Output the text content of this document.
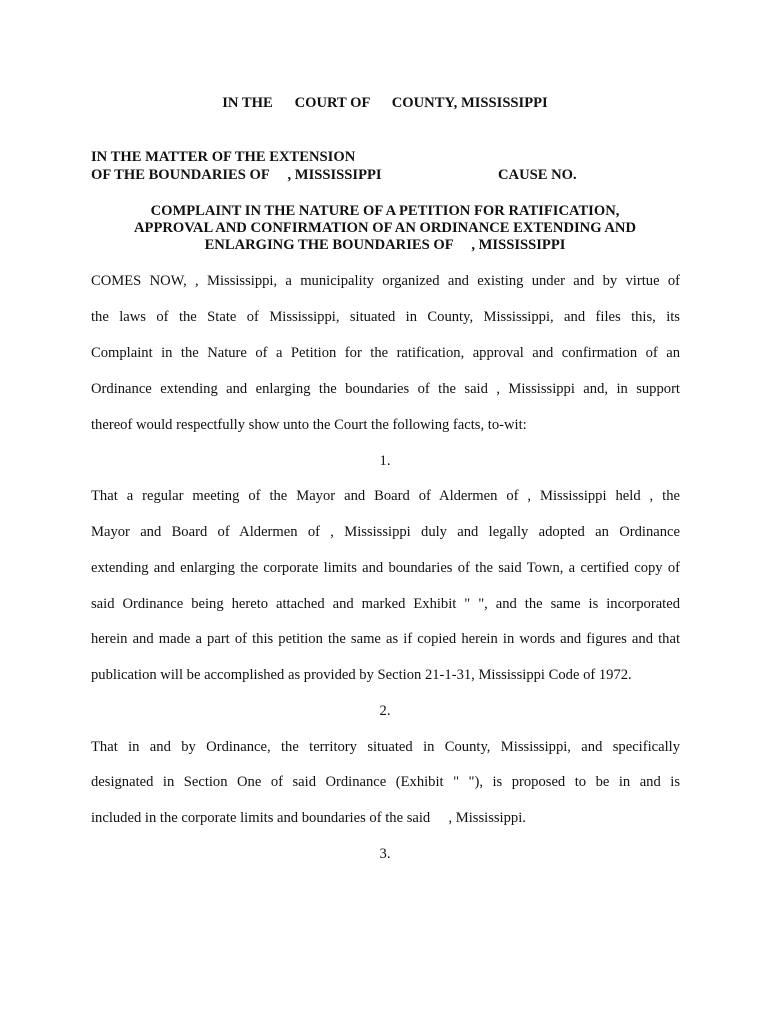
IN THE      COURT OF      COUNTY, MISSISSIPPI
IN THE MATTER OF THE EXTENSION
OF THE BOUNDARIES OF     , MISSISSIPPI	CAUSE NO.
COMPLAINT IN THE NATURE OF A PETITION FOR RATIFICATION,
APPROVAL AND CONFIRMATION OF AN ORDINANCE EXTENDING AND
ENLARGING THE BOUNDARIES OF     , MISSISSIPPI
COMES NOW, , Mississippi, a municipality organized and existing under and by virtue of
the laws of the State of Mississippi, situated in County, Mississippi, and files this, its
Complaint in the Nature of a Petition for the ratification, approval and confirmation of an
Ordinance extending and enlarging the boundaries of the said , Mississippi and, in support
thereof would respectfully show unto the Court the following facts, to-wit:
1.
That a regular meeting of the Mayor and Board of Aldermen of , Mississippi held , the
Mayor and Board of Aldermen of , Mississippi duly and legally adopted an Ordinance
extending and enlarging the corporate limits and boundaries of the said Town, a certified copy of
said Ordinance being hereto attached and marked Exhibit " ", and the same is incorporated
herein and made a part of this petition the same as if copied herein in words and figures and that
publication will be accomplished as provided by Section 21-1-31, Mississippi Code of 1972.
2.
That in and by Ordinance, the territory situated in County, Mississippi, and specifically
designated in Section One of said Ordinance (Exhibit " "), is proposed to be in and is
included in the corporate limits and boundaries of the said     , Mississippi.
3.
